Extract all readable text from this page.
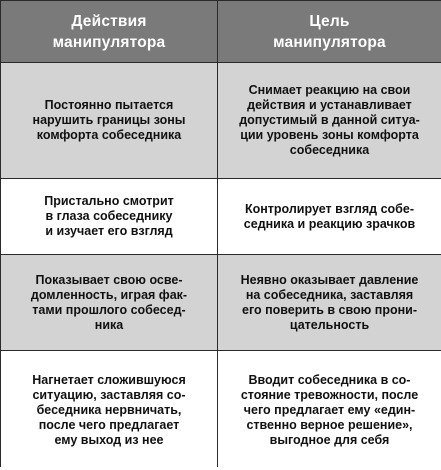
Действия
манипулятора
Цель
манипулятора
Постоянно пытается
нарушить границы зоны
комфорта собеседника
Снимает реакцию на свои
действия и устанавливает
допустимый в данной ситуа-
ции уровень зоны комфорта
собеседника
Пристально смотрит
в глаза собеседнику
и изучает его взгляд
Контролирует взгляд собе-
седника и реакцию зрачков
Показывает свою осве-
домленность, играя фак-
тами прошлого собесед-
ника
Неявно оказывает давление
на собеседника, заставляя
его поверить в свою прони-
цательность
Нагнетает сложившуюся
ситуацию, заставляя со-
беседника нервничать,
после чего предлагает
ему выход из нее
Вводит собеседника в со-
стояние тревожности, после
чего предлагает ему «един-
ственно верное решение»,
выгодное для себя
